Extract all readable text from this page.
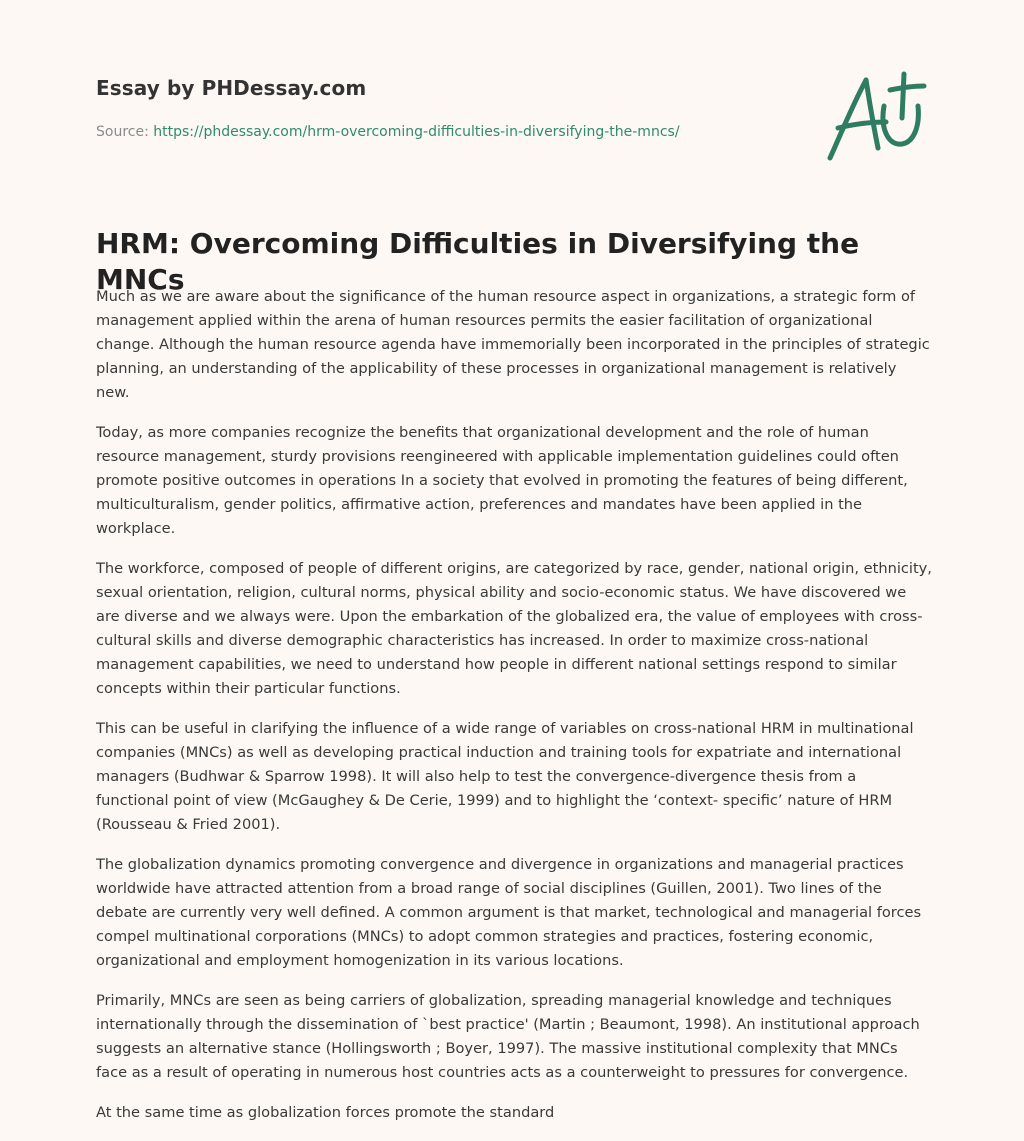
Essay by PHDessay.com
Source: https://phdessay.com/hrm-overcoming-difficulties-in-diversifying-the-mncs/
HRM: Overcoming Difficulties in Diversifying the MNCs

Much as we are aware about the significance of the human resource aspect in organizations, a strategic form of management applied within the arena of human resources permits the easier facilitation of organizational change. Although the human resource agenda have immemorially been incorporated in the principles of strategic planning, an understanding of the applicability of these processes in organizational management is relatively new.

Today, as more companies recognize the benefits that organizational development and the role of human resource management, sturdy provisions reengineered with applicable implementation guidelines could often promote positive outcomes in operations In a society that evolved in promoting the features of being different, multiculturalism, gender politics, affirmative action, preferences and mandates have been applied in the workplace.

The workforce, composed of people of different origins, are categorized by race, gender, national origin, ethnicity, sexual orientation, religion, cultural norms, physical ability and socio-economic status. We have discovered we are diverse and we always were. Upon the embarkation of the globalized era, the value of employees with cross-cultural skills and diverse demographic characteristics has increased. In order to maximize cross-national management capabilities, we need to understand how people in different national settings respond to similar concepts within their particular functions.

This can be useful in clarifying the influence of a wide range of variables on cross-national HRM in multinational companies (MNCs) as well as developing practical induction and training tools for expatriate and international managers (Budhwar & Sparrow 1998). It will also help to test the convergence-divergence thesis from a functional point of view (McGaughey & De Cerie, 1999) and to highlight the ‘context- specific’ nature of HRM (Rousseau & Fried 2001).

The globalization dynamics promoting convergence and divergence in organizations and managerial practices worldwide have attracted attention from a broad range of social disciplines (Guillen, 2001). Two lines of the debate are currently very well defined. A common argument is that market, technological and managerial forces compel multinational corporations (MNCs) to adopt common strategies and practices, fostering economic, organizational and employment homogenization in its various locations.

Primarily, MNCs are seen as being carriers of globalization, spreading managerial knowledge and techniques internationally through the dissemination of `best practice' (Martin ; Beaumont, 1998). An institutional approach suggests an alternative stance (Hollingsworth ; Boyer, 1997). The massive institutional complexity that MNCs face as a result of operating in numerous host countries acts as a counterweight to pressures for convergence.

At the same time as globalization forces promote the standard
